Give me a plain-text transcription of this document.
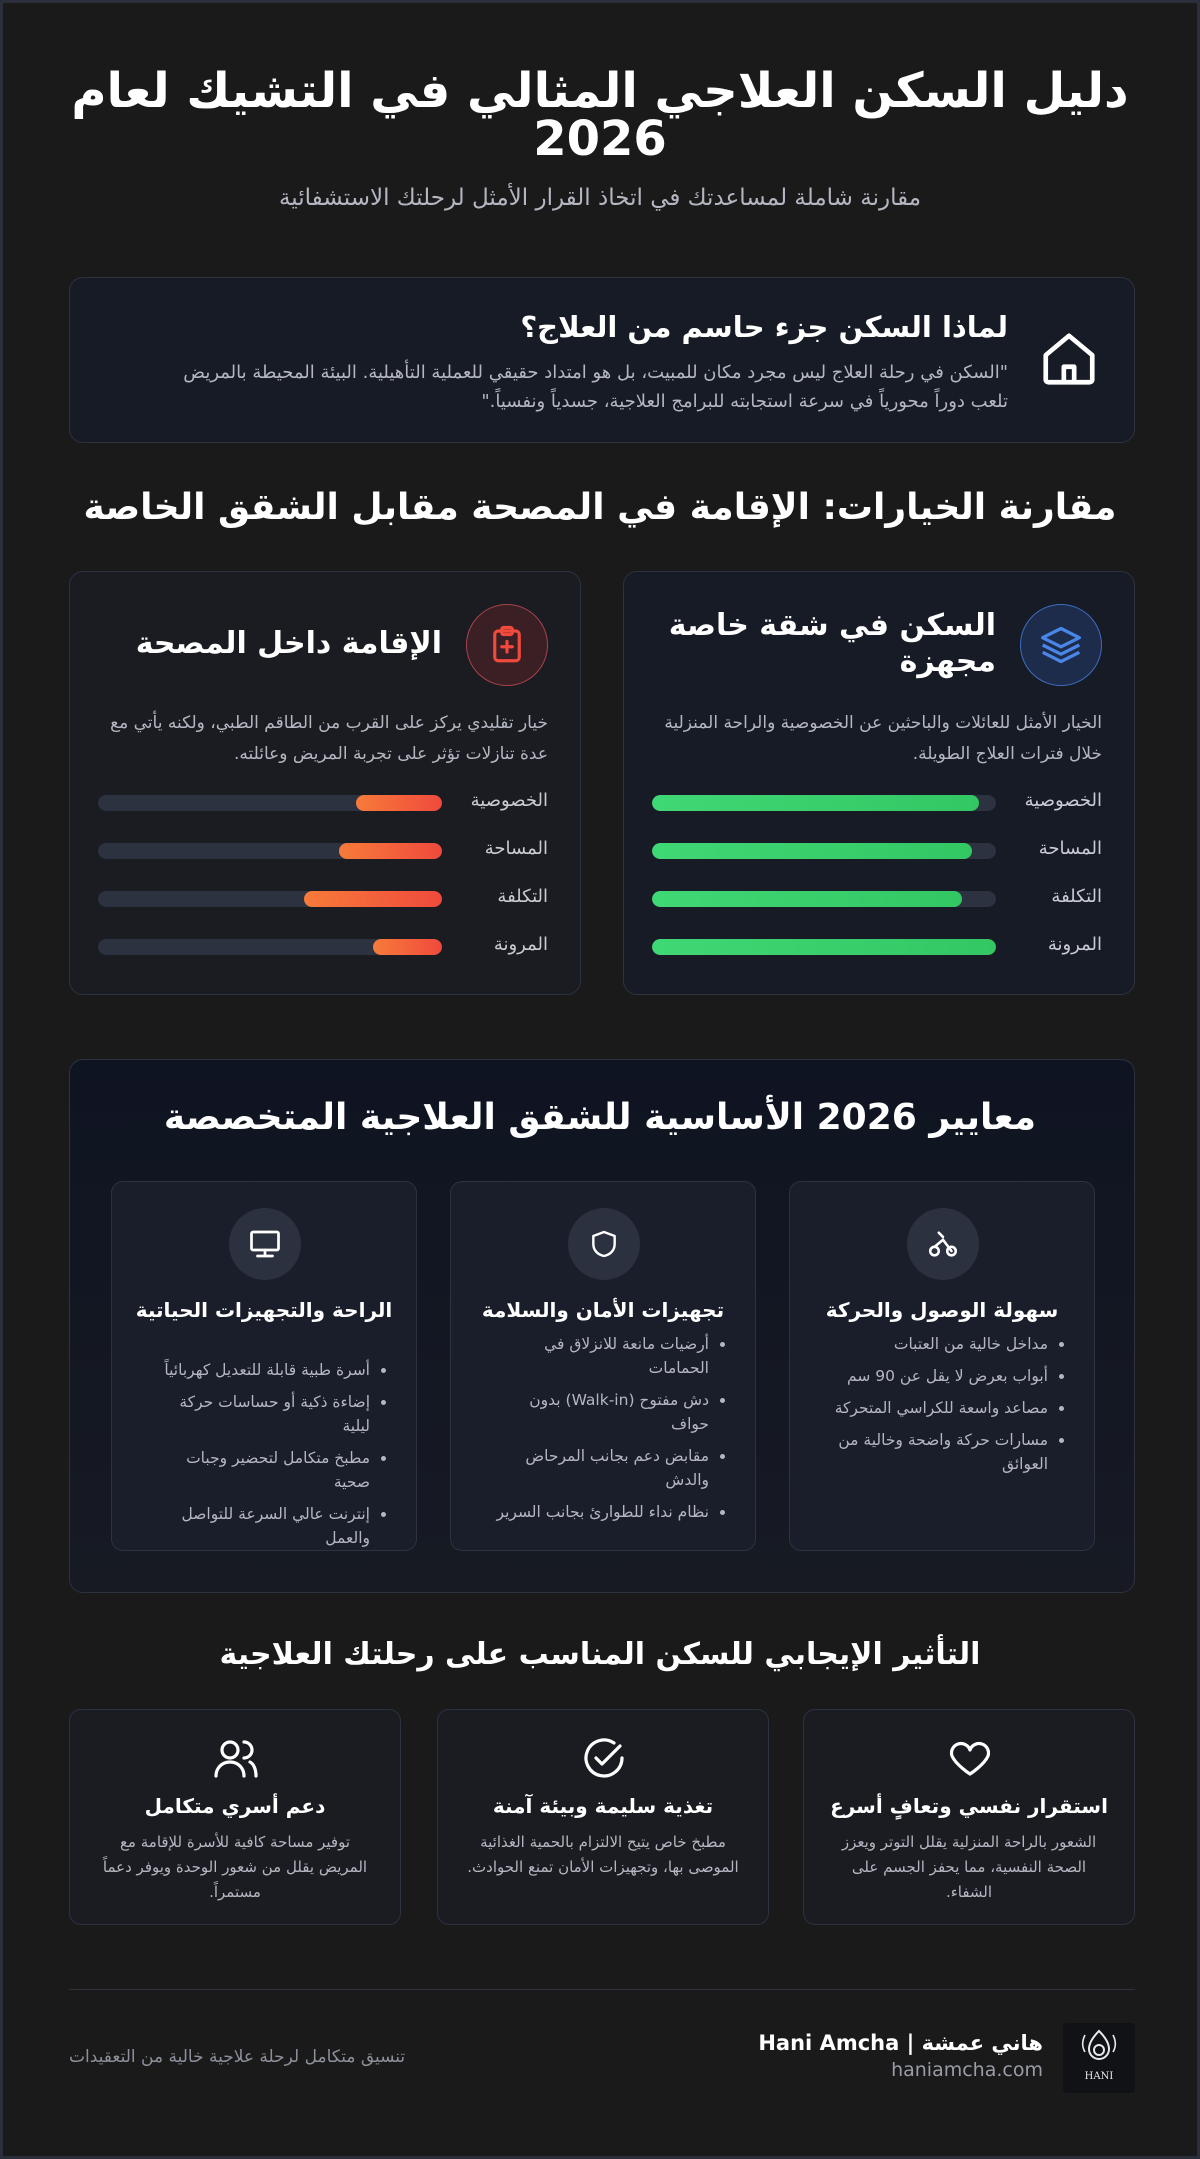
دليل السكن العلاجي المثالي في التشيك لعام 2026

مقارنة شاملة لمساعدتك في اتخاذ القرار الأمثل لرحلتك الاستشفائية

لماذا السكن جزء حاسم من العلاج؟

"السكن في رحلة العلاج ليس مجرد مكان للمبيت، بل هو امتداد حقيقي للعملية التأهيلية. البيئة المحيطة بالمريض تلعب دوراً محورياً في سرعة استجابته للبرامج العلاجية، جسدياً ونفسياً."

مقارنة الخيارات: الإقامة في المصحة مقابل الشقق الخاصة
السكن في شقة خاصة مجهزة

الخيار الأمثل للعائلات والباحثين عن الخصوصية والراحة المنزلية خلال فترات العلاج الطويلة.

الخصوصية
المساحة
التكلفة
المرونة
الإقامة داخل المصحة

خيار تقليدي يركز على القرب من الطاقم الطبي، ولكنه يأتي مع عدة تنازلات تؤثر على تجربة المريض وعائلته.

الخصوصية
المساحة
التكلفة
المرونة
معايير 2026 الأساسية للشقق العلاجية المتخصصة
سهولة الوصول والحركة
• مداخل خالية من العتبات
• أبواب بعرض لا يقل عن 90 سم
• مصاعد واسعة للكراسي المتحركة
• مسارات حركة واضحة وخالية من العوائق
تجهيزات الأمان والسلامة
• أرضيات مانعة للانزلاق في الحمامات
• دش مفتوح (Walk-in) بدون حواف
• مقابض دعم بجانب المرحاض والدش
• نظام نداء للطوارئ بجانب السرير
الراحة والتجهيزات الحياتية
• أسرة طبية قابلة للتعديل كهربائياً
• إضاءة ذكية أو حساسات حركة ليلية
• مطبخ متكامل لتحضير وجبات صحية
• إنترنت عالي السرعة للتواصل والعمل
التأثير الإيجابي للسكن المناسب على رحلتك العلاجية
استقرار نفسي وتعافٍ أسرع

الشعور بالراحة المنزلية يقلل التوتر ويعزز الصحة النفسية، مما يحفز الجسم على الشفاء.

تغذية سليمة وبيئة آمنة

مطبخ خاص يتيح الالتزام بالحمية الغذائية الموصى بها، وتجهيزات الأمان تمنع الحوادث.

دعم أسري متكامل

توفير مساحة كافية للأسرة للإقامة مع المريض يقلل من شعور الوحدة ويوفر دعماً مستمراً.

HANI
هاني عمشة | Hani Amcha
haniamcha.com
تنسيق متكامل لرحلة علاجية خالية من التعقيدات
